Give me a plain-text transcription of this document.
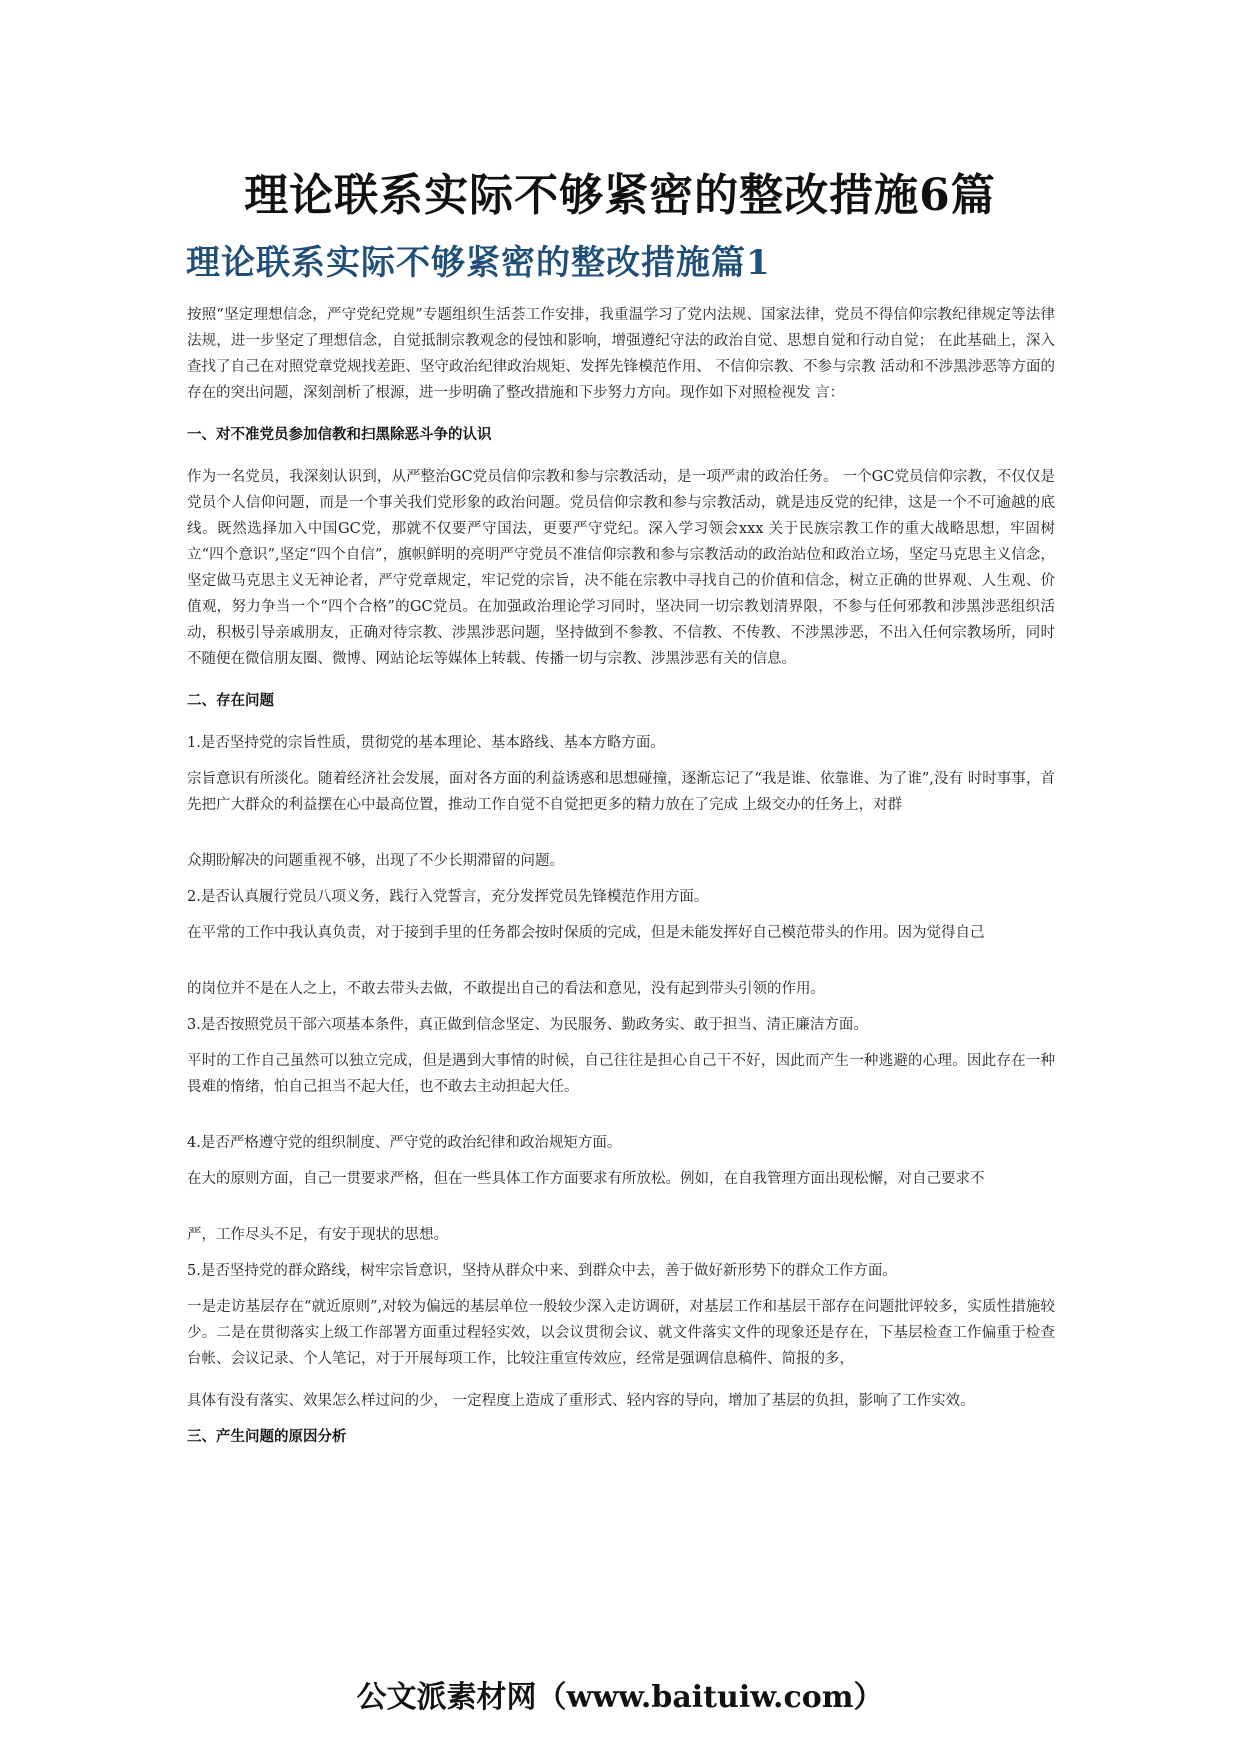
理论联系实际不够紧密的整改措施6篇
理论联系实际不够紧密的整改措施篇1

按照“坚定理想信念，严守党纪党规”专题组织生活荟工作安排，我重温学习了党内法规、国家法律，党员不得信仰宗教纪律规定等法律法规，进一步坚定了理想信念，自觉抵制宗教观念的侵蚀和影响，增强遵纪守法的政治自觉、思想自觉和行动自觉； 在此基础上，深入查找了自己在对照党章党规找差距、坚守政治纪律政治规矩、发挥先锋模范作用、 不信仰宗教、不参与宗教 活动和不涉黑涉恶等方面的存在的突出问题，深刻剖析了根源，进一步明确了整改措施和下步努力方向。现作如下对照检视发 言：

一、对不准党员参加信教和扫黑除恶斗争的认识

作为一名党员，我深刻认识到，从严整治GC党员信仰宗教和参与宗教活动，是一项严肃的政治任务。 一个GC党员信仰宗教，不仅仅是党员个人信仰问题，而是一个事关我们党形象的政治问题。党员信仰宗教和参与宗教活动，就是违反党的纪律，这是一个不可逾越的底线。既然选择加入中国GC党，那就不仅要严守国法，更要严守党纪。深入学习领会xxx 关于民族宗教工作的重大战略思想，牢固树立“四个意识”,坚定“四个自信”，旗帜鲜明的亮明严守党员不准信仰宗教和参与宗教活动的政治站位和政治立场，坚定马克思主义信念，坚定做马克思主义无神论者，严守党章规定，牢记党的宗旨，决不能在宗教中寻找自己的价值和信念，树立正确的世界观、人生观、价值观，努力争当一个“四个合格”的GC党员。在加强政治理论学习同时，坚决同一切宗教划清界限，不参与任何邪教和涉黑涉恶组织活动，积极引导亲戚朋友，正确对待宗教、涉黑涉恶问题，坚持做到不参教、不信教、不传教、不涉黑涉恶，不出入任何宗教场所，同时不随便在微信朋友圈、微博、网站论坛等媒体上转载、传播一切与宗教、涉黑涉恶有关的信息。

二、存在问题

1.是否坚持党的宗旨性质，贯彻党的基本理论、基本路线、基本方略方面。

宗旨意识有所淡化。随着经济社会发展，面对各方面的利益诱惑和思想碰撞，逐渐忘记了“我是谁、依靠谁、为了谁”,没有 时时事事，首先把广大群众的利益摆在心中最高位置，推动工作自觉不自觉把更多的精力放在了完成 上级交办的任务上，对群

众期盼解决的问题重视不够，出现了不少长期滞留的问题。

2.是否认真履行党员八项义务，践行入党誓言，充分发挥党员先锋模范作用方面。

在平常的工作中我认真负责，对于接到手里的任务都会按时保质的完成，但是未能发挥好自己模范带头的作用。因为觉得自己

的岗位并不是在人之上，不敢去带头去做，不敢提出自己的看法和意见，没有起到带头引领的作用。

3.是否按照党员干部六项基本条件，真正做到信念坚定、为民服务、勤政务实、敢于担当、清正廉洁方面。

平时的工作自己虽然可以独立完成，但是遇到大事情的时候，自己往往是担心自己干不好，因此而产生一种逃避的心理。因此存在一种畏难的惰绪，怕自己担当不起大任，也不敢去主动担起大任。

4.是否严格遵守党的组织制度、严守党的政治纪律和政治规矩方面。

在大的原则方面，自己一贯要求严格，但在一些具体工作方面要求有所放松。例如，在自我管理方面出现松懈，对自己要求不

严，工作尽头不足，有安于现状的思想。

5.是否坚持党的群众路线，树牢宗旨意识，坚持从群众中来、到群众中去，善于做好新形势下的群众工作方面。

一是走访基层存在“就近原则”,对较为偏远的基层单位一般较少深入走访调研，对基层工作和基层干部存在问题批评较多，实质性措施较少。二是在贯彻落实上级工作部署方面重过程轻实效，以会议贯彻会议、就文件落实文件的现象还是存在，下基层检查工作偏重于检查台帐、会议记录、个人笔记，对于开展每项工作，比较注重宣传效应，经常是强调信息稿件、简报的多，

具体有没有落实、效果怎么样过问的少， 一定程度上造成了重形式、轻内容的导向，增加了基层的负担，影响了工作实效。

三、产生问题的原因分析

公文派素材网（www.baituiw.com）
